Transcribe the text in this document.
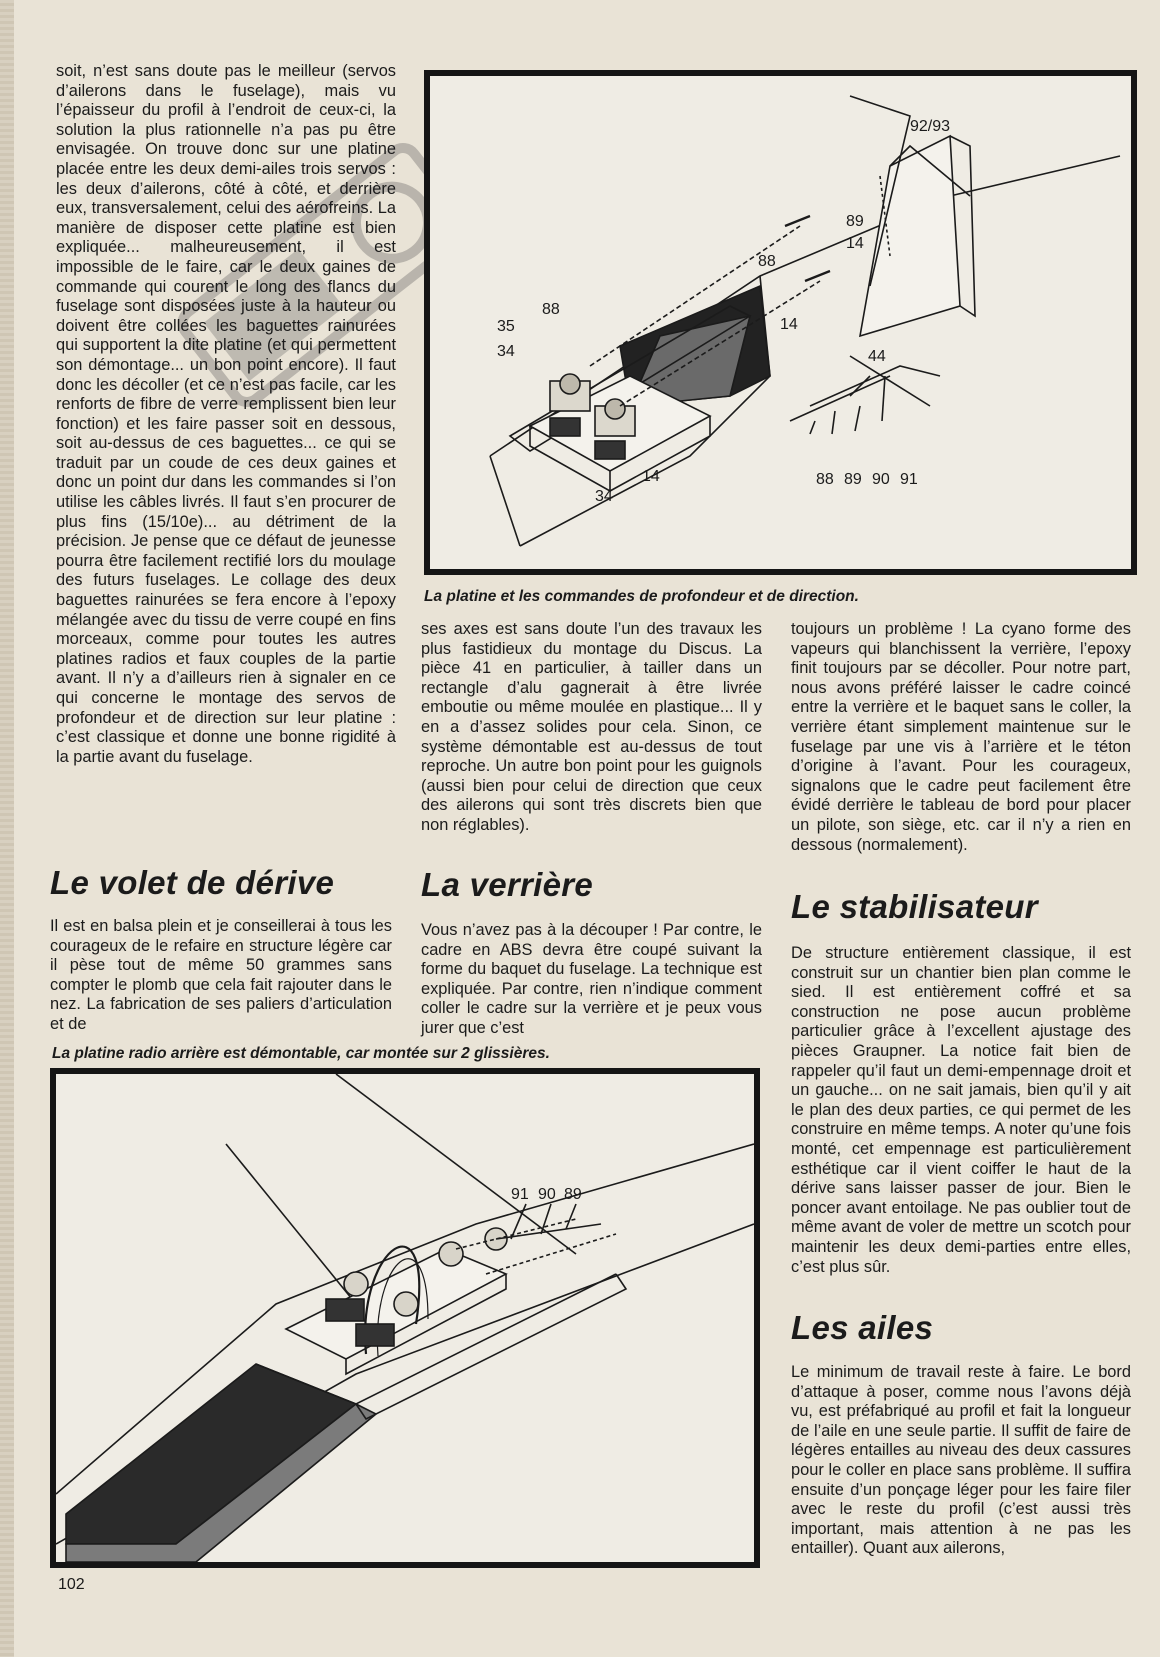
soit, n’est sans doute pas le meilleur (servos d’ailerons dans le fuselage), mais vu l’épaisseur du profil à l’endroit de ceux-ci, la solution la plus rationnelle n’a pas pu être envisagée. On trouve donc sur une platine placée entre les deux demi-ailes trois servos : les deux d’ailerons, côté à côté, et derrière eux, transversalement, celui des aérofreins. La manière de disposer cette platine est bien expliquée... malheureusement, il est impossible de le faire, car le deux gaines de commande qui courent le long des flancs du fuselage sont disposées juste à la hauteur ou doivent être collées les baguettes rainurées qui supportent la dite platine (et qui permettent son démontage... un bon point encore). Il faut donc les décoller (et ce n’est pas facile, car les renforts de fibre de verre remplissent bien leur fonction) et les faire passer soit en dessous, soit au-dessus de ces baguettes... ce qui se traduit par un coude de ces deux gaines et donc un point dur dans les commandes si l’on utilise les câbles livrés. Il faut s’en procurer de plus fins (15/10e)... au détriment de la précision. Je pense que ce défaut de jeunesse pourra être facilement rectifié lors du moulage des futurs fuselages. Le collage des deux baguettes rainurées se fera encore à l’epoxy mélangée avec du tissu de verre coupé en fins morceaux, comme pour toutes les autres platines radios et faux couples de la partie avant. Il n’y a d’ailleurs rien à signaler en ce qui concerne le montage des servos de profondeur et de direction sur leur platine : c’est classique et donne une bonne rigidité à la partie avant du fuselage.

Le volet de dérive

Il est en balsa plein et je conseillerai à tous les courageux de le refaire en structure légère car il pèse tout de même 50 grammes sans compter le plomb que cela fait rajouter dans le nez. La fabrication de ses paliers d’articulation et de

92/93
89
14
88
14
35
88
34	44
14
34
88 89 90 91

La platine et les commandes de profondeur et de direction.

ses axes est sans doute l’un des travaux les plus fastidieux du montage du Discus. La pièce 41 en particulier, à tailler dans un rectangle d’alu gagnerait à être livrée emboutie ou même moulée en plastique... Il y en a d’assez solides pour cela. Sinon, ce système démontable est au-dessus de tout reproche. Un autre bon point pour les guignols (aussi bien pour celui de direction que ceux des ailerons qui sont très discrets bien que non réglables).

La verrière

Vous n’avez pas à la découper ! Par contre, le cadre en ABS devra être coupé suivant la forme du baquet du fuselage. La technique est expliquée. Par contre, rien n’indique comment coller le cadre sur la verrière et je peux vous jurer que c’est

toujours un problème ! La cyano forme des vapeurs qui blanchissent la verrière, l’epoxy finit toujours par se décoller. Pour notre part, nous avons préféré laisser le cadre coincé entre la verrière et le baquet sans le coller, la verrière étant simplement maintenue sur le fuselage par une vis à l’arrière et le téton d’origine à l’avant. Pour les courageux, signalons que le cadre peut facilement être évidé derrière le tableau de bord pour placer un pilote, son siège, etc. car il n’y a rien en dessous (normalement).

Le stabilisateur

De structure entièrement classique, il est construit sur un chantier bien plan comme le sied. Il est entièrement coffré et sa construction ne pose aucun problème particulier grâce à l’excellent ajustage des pièces Graupner. La notice fait bien de rappeler qu’il faut un demi-empennage droit et un gauche... on ne sait jamais, bien qu’il y ait le plan des deux parties, ce qui permet de les construire en même temps. A noter qu’une fois monté, cet empennage est particulièrement esthétique car il vient coiffer le haut de la dérive sans laisser passer de jour. Bien le poncer avant entoilage. Ne pas oublier tout de même avant de voler de mettre un scotch pour maintenir les deux demi-parties entre elles, c’est plus sûr.

Les ailes

Le minimum de travail reste à faire. Le bord d’attaque à poser, comme nous l’avons déjà vu, est préfabriqué au profil et fait la longueur de l’aile en une seule partie. Il suffit de faire de légères entailles au niveau des deux cassures pour le coller en place sans problème. Il suffira ensuite d’un ponçage léger pour les faire filer avec le reste du profil (c’est aussi très important, mais attention à ne pas les entailler). Quant aux ailerons,

La platine radio arrière est démontable, car montée sur 2 glissières.

91 90 89
102
